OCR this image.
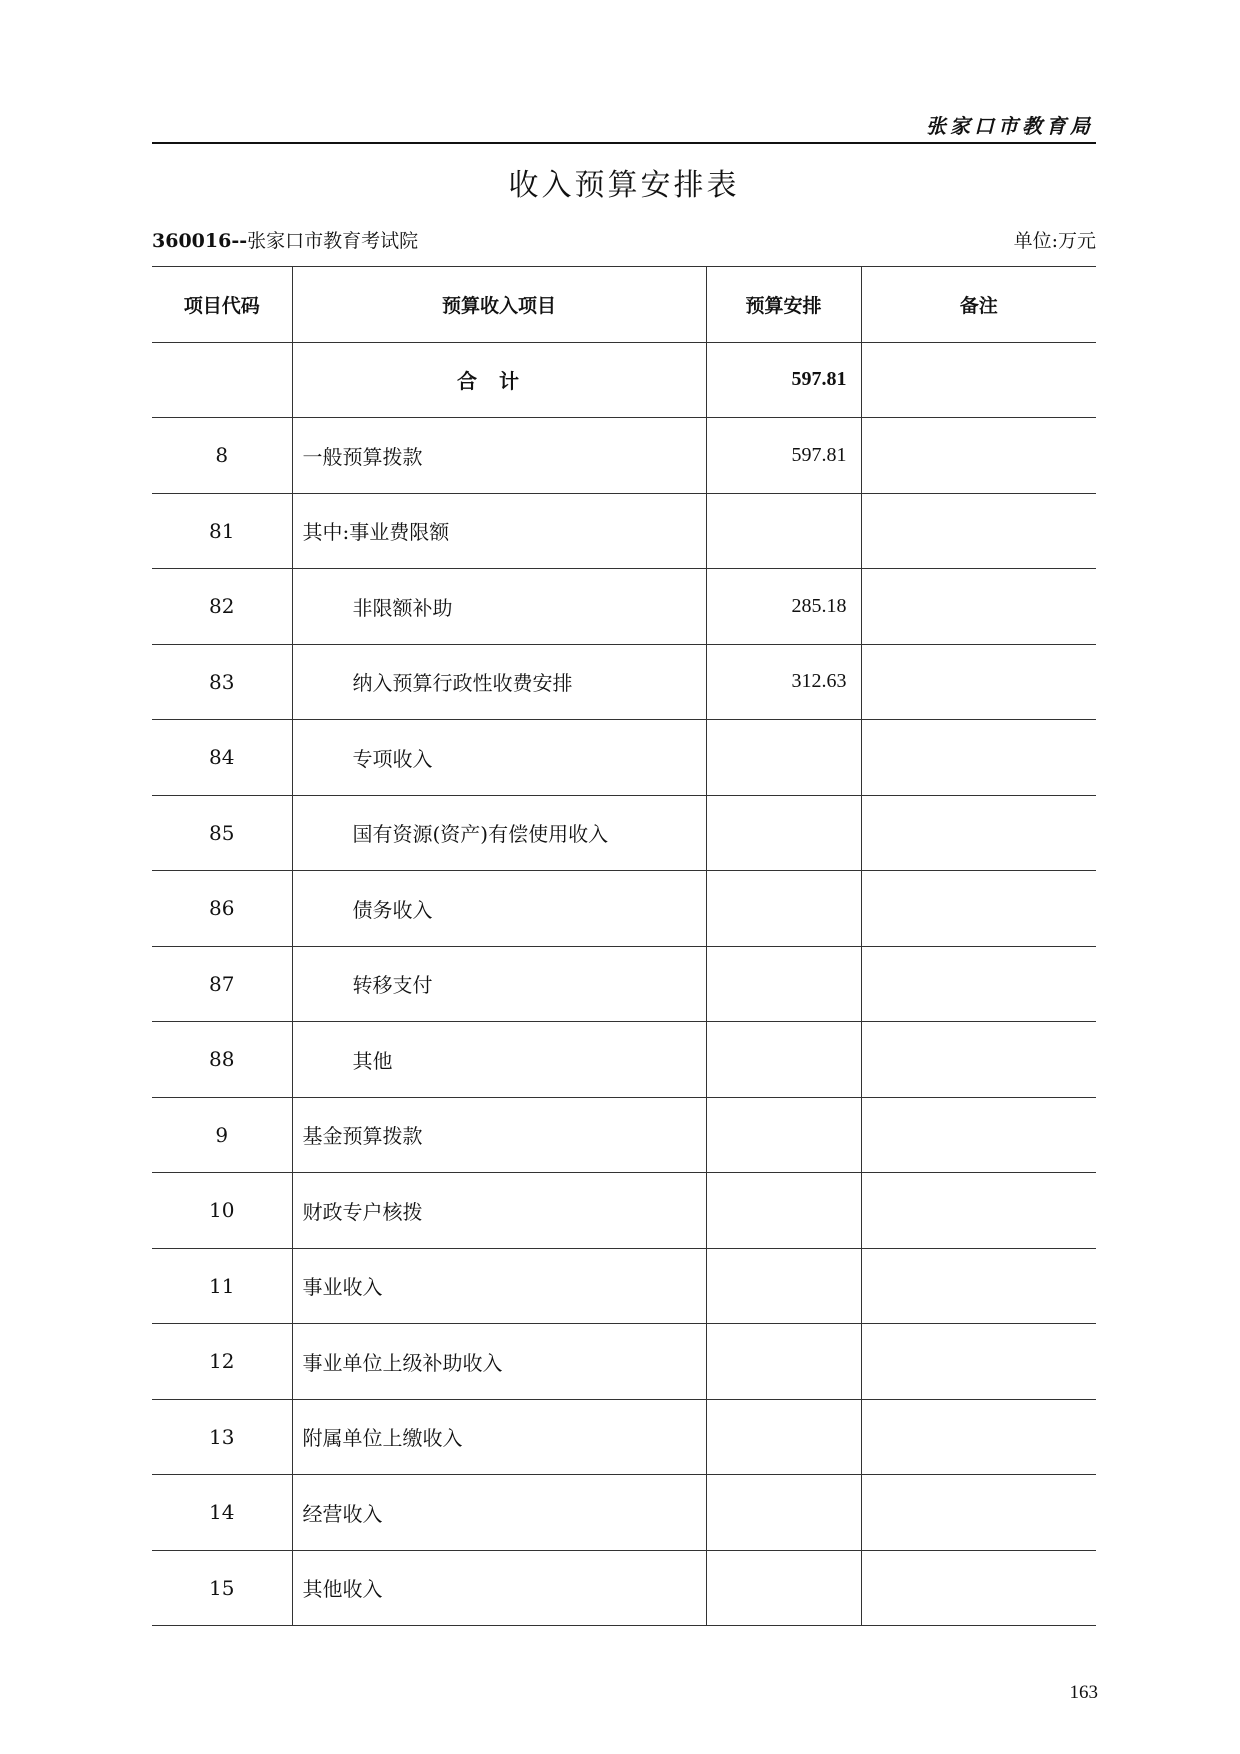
张家口市教育局
收入预算安排表
360016--张家口市教育考试院	单位:万元
项目代码	预算收入项目	预算安排	备注
	合计	597.81	
8	一般预算拨款	597.81	
81	其中:事业费限额		
82	非限额补助	285.18	
83	纳入预算行政性收费安排	312.63	
84	专项收入		
85	国有资源(资产)有偿使用收入		
86	债务收入		
87	转移支付		
88	其他		
9	基金预算拨款		
10	财政专户核拨		
11	事业收入		
12	事业单位上级补助收入		
13	附属单位上缴收入		
14	经营收入		
15	其他收入		
163
